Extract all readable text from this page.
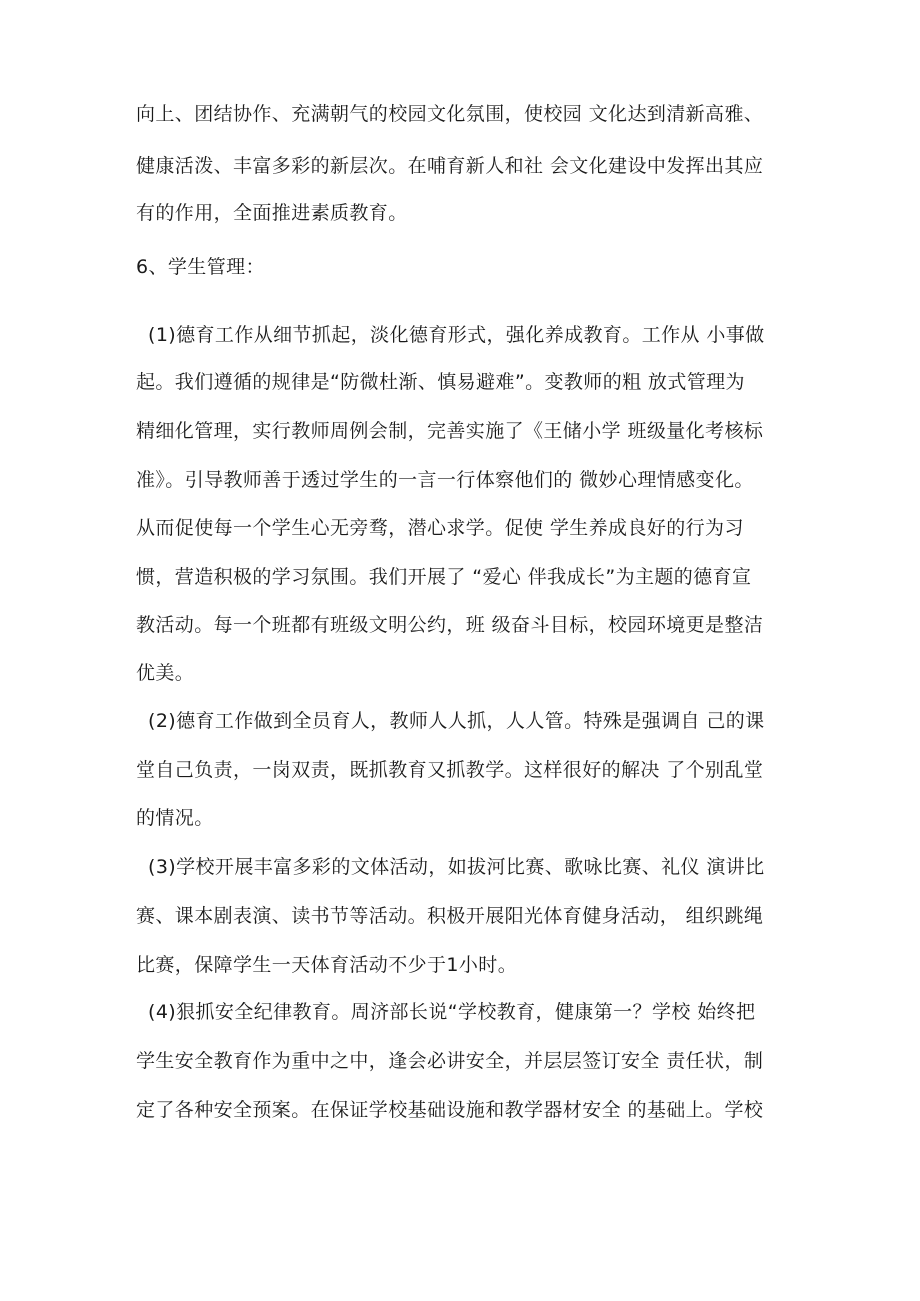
向上、团结协作、充满朝气的校园文化氛围，使校园 文化达到清新高雅、
健康活泼、丰富多彩的新层次。在哺育新人和社 会文化建设中发挥出其应
有的作用，全面推进素质教育。
6、学生管理：
(1)德育工作从细节抓起，淡化德育形式，强化养成教育。工作从 小事做
起。我们遵循的规律是“防微杜渐、慎易避难”。变教师的粗 放式管理为
精细化管理，实行教师周例会制，完善实施了《王储小学 班级量化考核标
准》。引导教师善于透过学生的一言一行体察他们的 微妙心理情感变化。
从而促使每一个学生心无旁骛，潜心求学。促使 学生养成良好的行为习
惯，营造积极的学习氛围。我们开展了 “爱心 伴我成长”为主题的德育宣
教活动。每一个班都有班级文明公约，班 级奋斗目标，校园环境更是整洁
优美。
(2)德育工作做到全员育人，教师人人抓，人人管。特殊是强调自 己的课
堂自己负责，一岗双责，既抓教育又抓教学。这样很好的解决 了个别乱堂
的情况。
(3)学校开展丰富多彩的文体活动，如拔河比赛、歌咏比赛、礼仪 演讲比
赛、课本剧表演、读书节等活动。积极开展阳光体育健身活动， 组织跳绳
比赛，保障学生一天体育活动不少于1小时。
(4)狠抓安全纪律教育。周济部长说“学校教育，健康第一？学校 始终把
学生安全教育作为重中之中，逢会必讲安全，并层层签订安全 责任状，制
定了各种安全预案。在保证学校基础设施和教学器材安全 的基础上。学校
